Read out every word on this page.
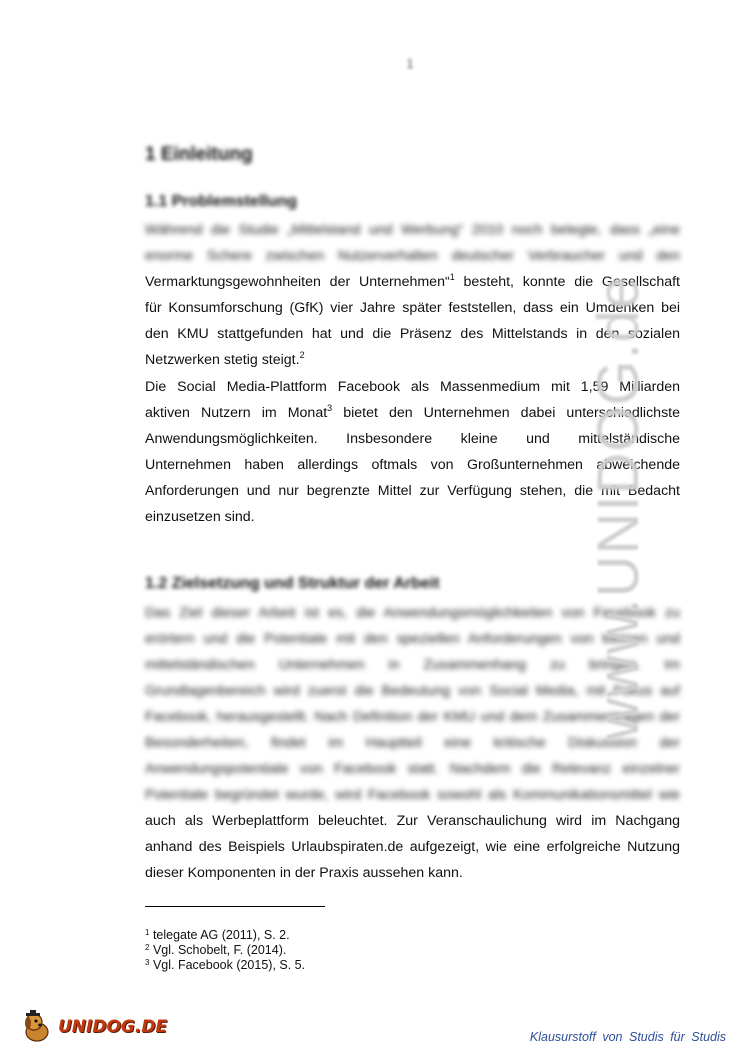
1
1 Einleitung
1.1 Problemstellung
Während die Studie „Mittelstand und Werbung“ 2010 noch belegte, dass „eine
enorme Schere zwischen Nutzerverhalten deutscher Verbraucher und den
Vermarktungsgewohnheiten der Unternehmen“$^1$ besteht, konnte die Gesellschaft
für Konsumforschung (GfK) vier Jahre später feststellen, dass ein Umdenken bei
den KMU stattgefunden hat und die Präsenz des Mittelstands in den sozialen
Netzwerken stetig steigt.$^2$
Die Social Media-Plattform Facebook als Massenmedium mit 1,59 Milliarden
aktiven Nutzern im Monat$^3$ bietet den Unternehmen dabei unterschiedlichste
Anwendungsmöglichkeiten. Insbesondere kleine und mittelständische
Unternehmen haben allerdings oftmals von Großunternehmen abweichende
Anforderungen und nur begrenzte Mittel zur Verfügung stehen, die mit Bedacht
einzusetzen sind.
1.2 Zielsetzung und Struktur der Arbeit
Das Ziel dieser Arbeit ist es, die Anwendungsmöglichkeiten von Facebook zu
erörtern und die Potentiale mit den speziellen Anforderungen von kleinen und
mittelständischen Unternehmen in Zusammenhang zu bringen. Im
Grundlagenbereich wird zuerst die Bedeutung von Social Media, mit Fokus auf
Facebook, herausgestellt. Nach Definition der KMU und dem Zusammentragen der
Besonderheiten, findet im Hauptteil eine kritische Diskussion der
Anwendungspotentiale von Facebook statt. Nachdem die Relevanz einzelner
Potentiale begründet wurde, wird Facebook sowohl als Kommunikationsmittel wie
auch als Werbeplattform beleuchtet. Zur Veranschaulichung wird im Nachgang
anhand des Beispiels Urlaubspiraten.de aufgezeigt, wie eine erfolgreiche Nutzung
dieser Komponenten in der Praxis aussehen kann.
$^1$ telegate AG (2011), S. 2.
$^2$ Vgl. Schobelt, F. (2014).
$^3$ Vgl. Facebook (2015), S. 5.
www.UNIDOG.de
UNIDOG.DE	Klausurstoff von Studis für Studis
